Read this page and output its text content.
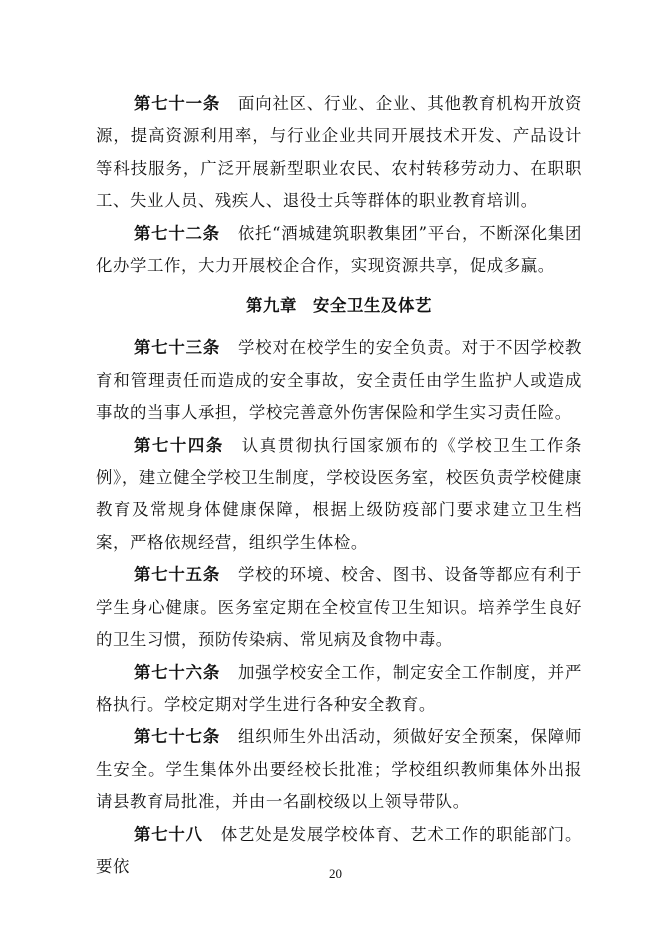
第七十一条 面向社区、行业、企业、其他教育机构开放资源，提高资源利用率，与行业企业共同开展技术开发、产品设计等科技服务，广泛开展新型职业农民、农村转移劳动力、在职职工、失业人员、残疾人、退役士兵等群体的职业教育培训。

第七十二条 依托“酒城建筑职教集团”平台，不断深化集团化办学工作，大力开展校企合作，实现资源共享，促成多赢。

第九章 安全卫生及体艺

第七十三条 学校对在校学生的安全负责。对于不因学校教育和管理责任而造成的安全事故，安全责任由学生监护人或造成事故的当事人承担，学校完善意外伤害保险和学生实习责任险。

第七十四条 认真贯彻执行国家颁布的《学校卫生工作条例》，建立健全学校卫生制度，学校设医务室，校医负责学校健康教育及常规身体健康保障，根据上级防疫部门要求建立卫生档案，严格依规经营，组织学生体检。

第七十五条 学校的环境、校舍、图书、设备等都应有利于学生身心健康。医务室定期在全校宣传卫生知识。培养学生良好的卫生习惯，预防传染病、常见病及食物中毒。

第七十六条 加强学校安全工作，制定安全工作制度，并严格执行。学校定期对学生进行各种安全教育。

第七十七条 组织师生外出活动，须做好安全预案，保障师生安全。学生集体外出要经校长批准；学校组织教师集体外出报请县教育局批准，并由一名副校级以上领导带队。

第七十八 体艺处是发展学校体育、艺术工作的职能部门。要依	20
